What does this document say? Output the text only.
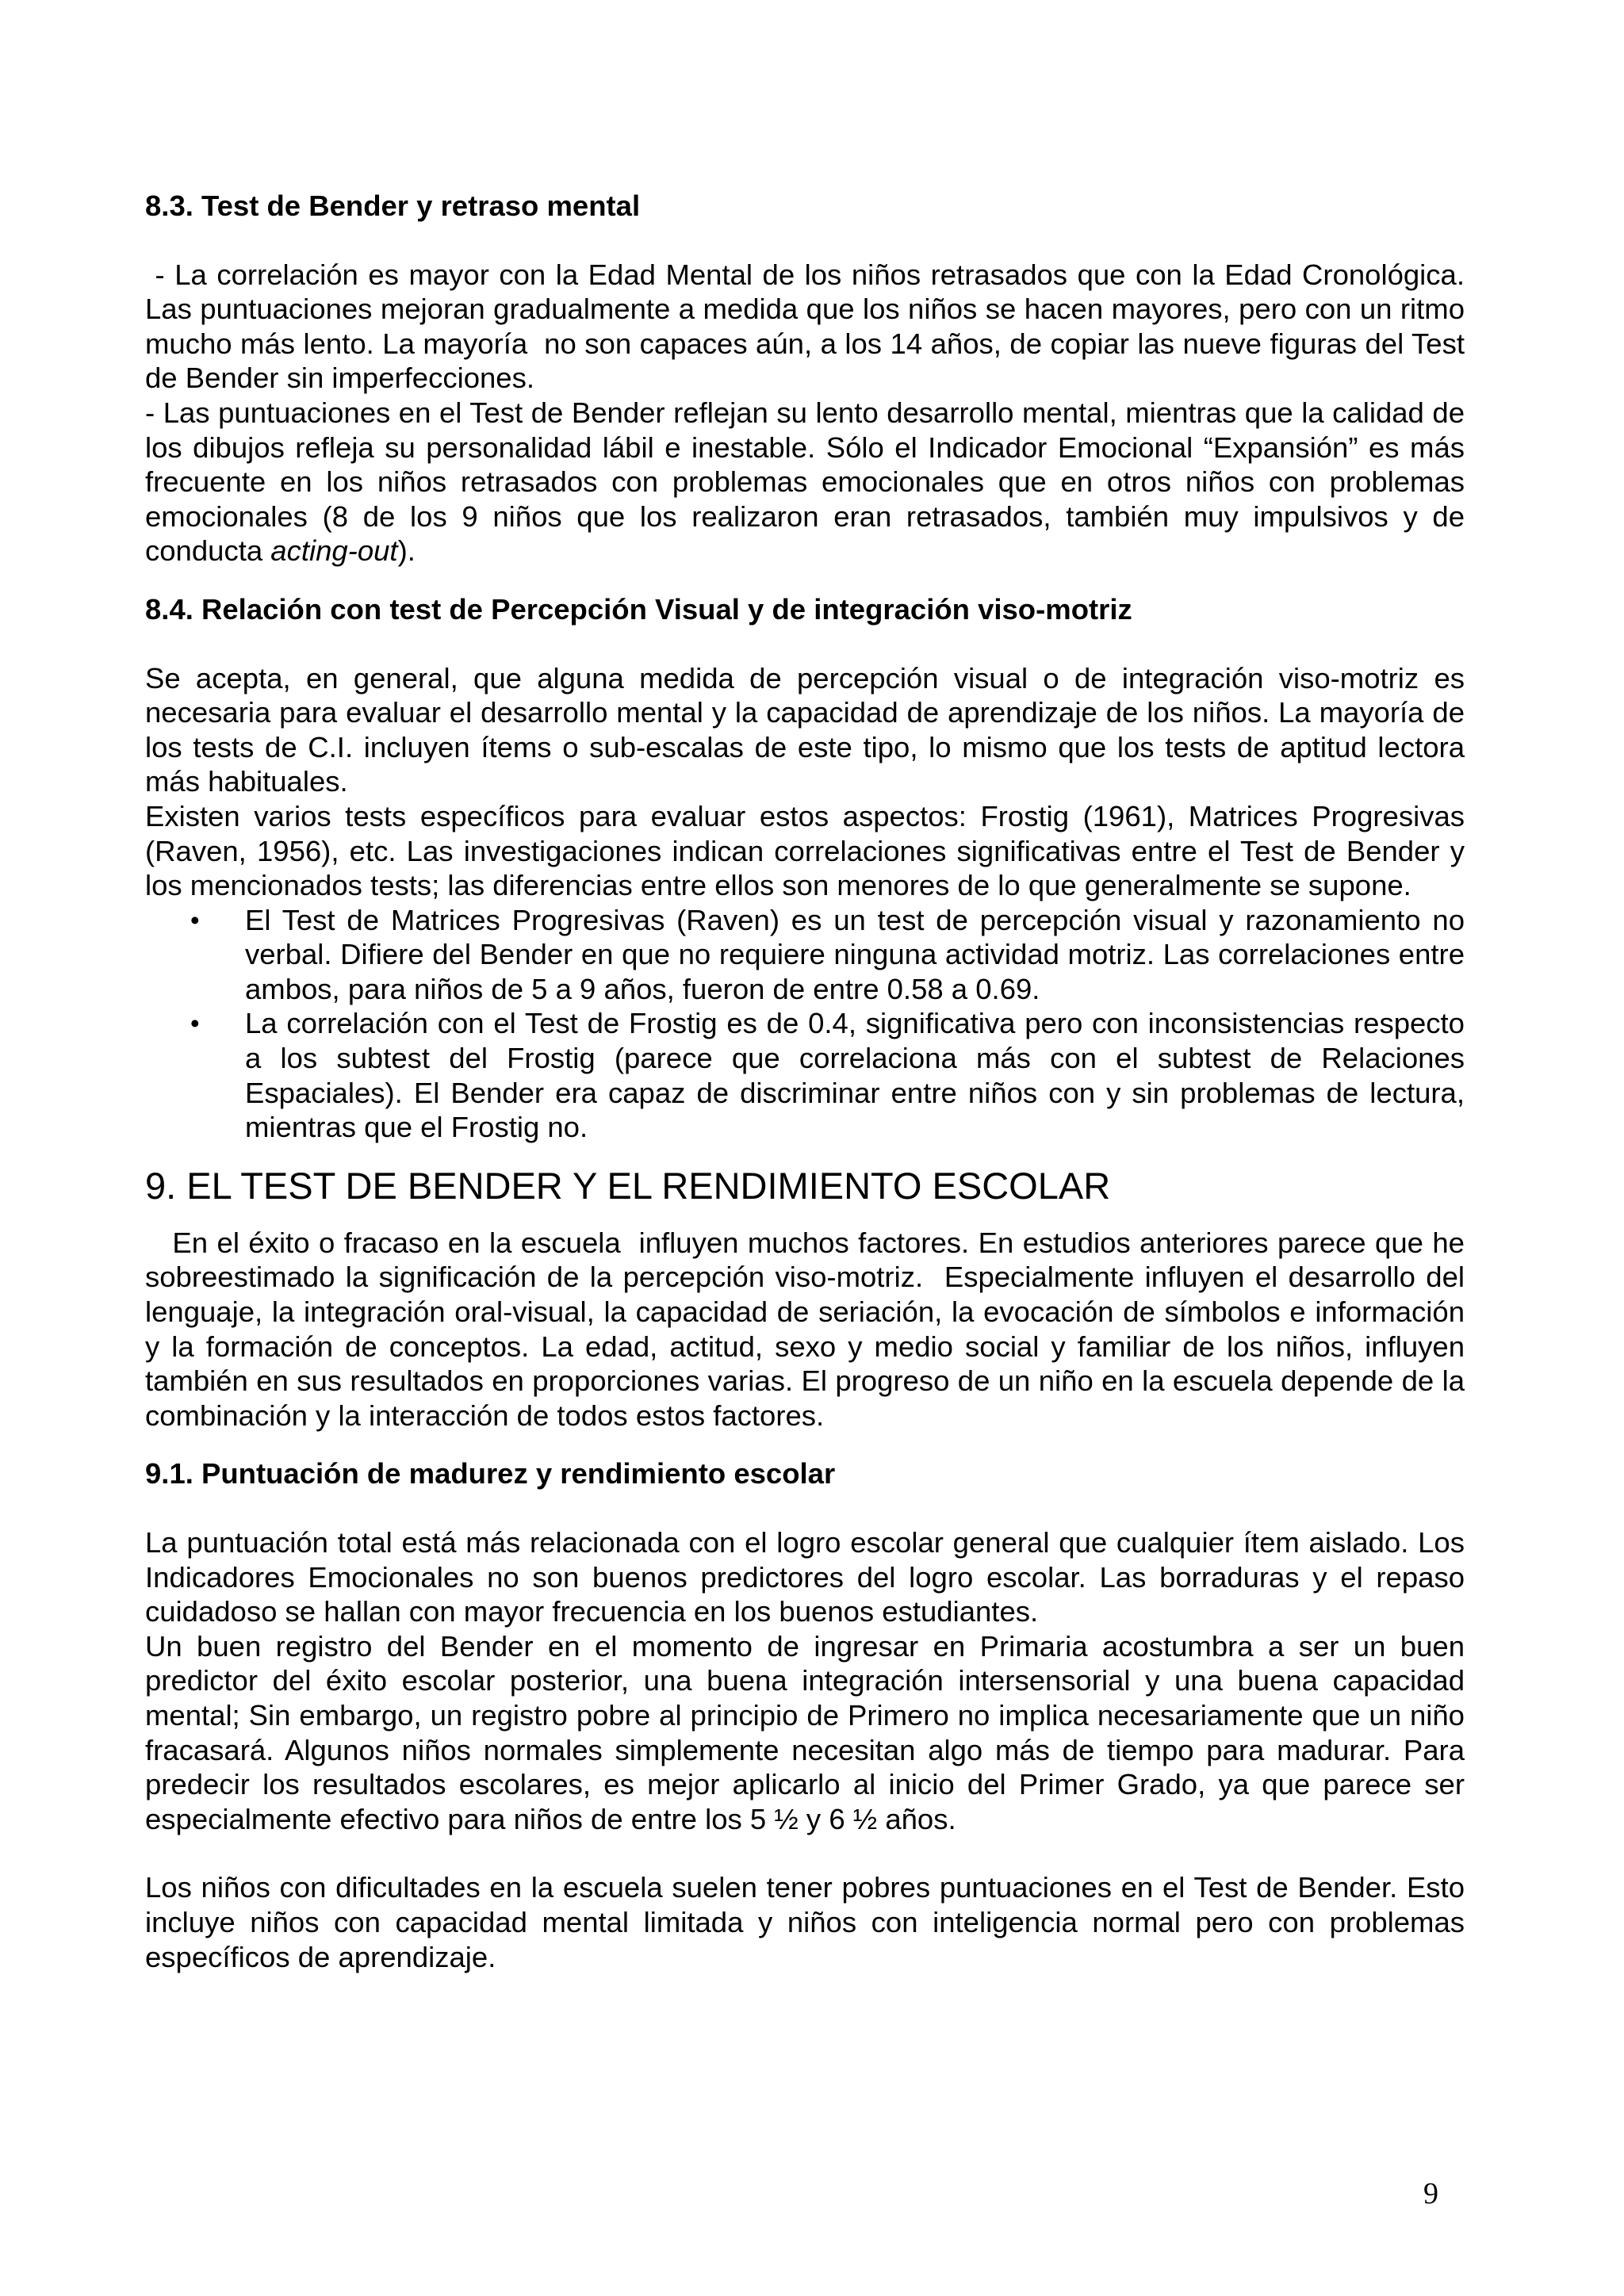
8.3. Test de Bender y retraso mental

- La correlación es mayor con la Edad Mental de los niños retrasados que con la Edad Cronológica. Las puntuaciones mejoran gradualmente a medida que los niños se hacen mayores, pero con un ritmo mucho más lento. La mayoría  no son capaces aún, a los 14 años, de copiar las nueve figuras del Test de Bender sin imperfecciones.

- Las puntuaciones en el Test de Bender reflejan su lento desarrollo mental, mientras que la calidad de los dibujos refleja su personalidad lábil e inestable. Sólo el Indicador Emocional “Expansión” es más frecuente en los niños retrasados con problemas emocionales que en otros niños con problemas emocionales (8 de los 9 niños que los realizaron eran retrasados, también muy impulsivos y de conducta acting-out).

8.4. Relación con test de Percepción Visual y de integración viso-motriz

Se acepta, en general, que alguna medida de percepción visual o de integración viso-motriz es necesaria para evaluar el desarrollo mental y la capacidad de aprendizaje de los niños. La mayoría de los tests de C.I. incluyen ítems o sub-escalas de este tipo, lo mismo que los tests de aptitud lectora más habituales.

Existen varios tests específicos para evaluar estos aspectos: Frostig (1961), Matrices Progresivas (Raven, 1956), etc. Las investigaciones indican correlaciones significativas entre el Test de Bender y los mencionados tests; las diferencias entre ellos son menores de lo que generalmente se supone.

• El Test de Matrices Progresivas (Raven) es un test de percepción visual y razonamiento no verbal. Difiere del Bender en que no requiere ninguna actividad motriz. Las correlaciones entre ambos, para niños de 5 a 9 años, fueron de entre 0.58 a 0.69.
• La correlación con el Test de Frostig es de 0.4, significativa pero con inconsistencias respecto a los subtest del Frostig (parece que correlaciona más con el subtest de Relaciones Espaciales). El Bender era capaz de discriminar entre niños con y sin problemas de lectura, mientras que el Frostig no.
9. EL TEST DE BENDER Y EL RENDIMIENTO ESCOLAR

En el éxito o fracaso en la escuela  influyen muchos factores. En estudios anteriores parece que he sobreestimado la significación de la percepción viso-motriz.  Especialmente influyen el desarrollo del lenguaje, la integración oral-visual, la capacidad de seriación, la evocación de símbolos e información y la formación de conceptos. La edad, actitud, sexo y medio social y familiar de los niños, influyen también en sus resultados en proporciones varias. El progreso de un niño en la escuela depende de la combinación y la interacción de todos estos factores.

9.1. Puntuación de madurez y rendimiento escolar

La puntuación total está más relacionada con el logro escolar general que cualquier ítem aislado. Los Indicadores Emocionales no son buenos predictores del logro escolar. Las borraduras y el repaso cuidadoso se hallan con mayor frecuencia en los buenos estudiantes.

Un buen registro del Bender en el momento de ingresar en Primaria acostumbra a ser un buen predictor del éxito escolar posterior, una buena integración intersensorial y una buena capacidad mental; Sin embargo, un registro pobre al principio de Primero no implica necesariamente que un niño fracasará. Algunos niños normales simplemente necesitan algo más de tiempo para madurar. Para predecir los resultados escolares, es mejor aplicarlo al inicio del Primer Grado, ya que parece ser especialmente efectivo para niños de entre los 5 ½ y 6 ½ años.

Los niños con dificultades en la escuela suelen tener pobres puntuaciones en el Test de Bender. Esto incluye niños con capacidad mental limitada y niños con inteligencia normal pero con problemas específicos de aprendizaje.

9
